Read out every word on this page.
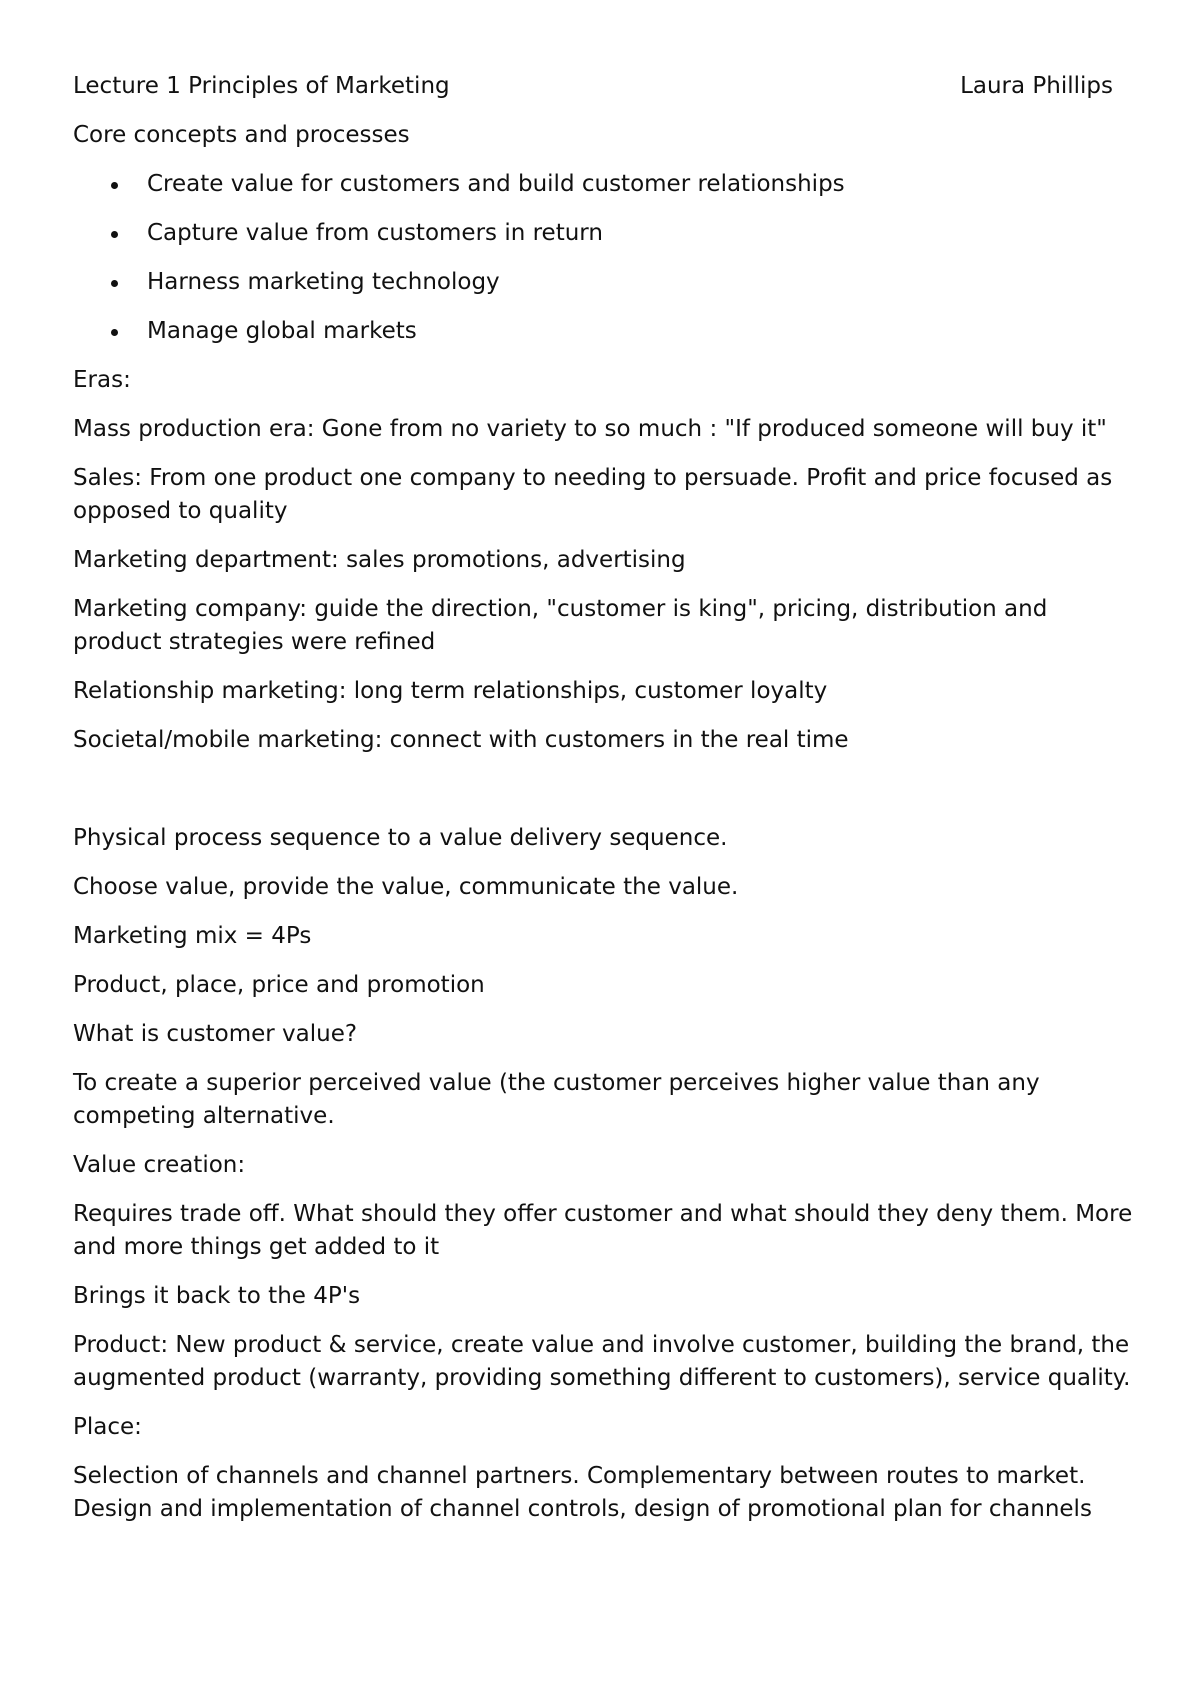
Lecture 1 Principles of Marketing	Laura Phillips

Core concepts and processes

Create value for customers and build customer relationships
Capture value from customers in return
Harness marketing technology
Manage global markets

Eras:

Mass production era: Gone from no variety to so much : "If produced someone will buy it"

Sales: From one product one company to needing to persuade. Profit and price focused as opposed to quality

Marketing department: sales promotions, advertising

Marketing company: guide the direction, "customer is king", pricing, distribution and product strategies were refined

Relationship marketing: long term relationships, customer loyalty

Societal/mobile marketing: connect with customers in the real time

Physical process sequence to a value delivery sequence.

Choose value, provide the value, communicate the value.

Marketing mix = 4Ps

Product, place, price and promotion

What is customer value?

To create a superior perceived value (the customer perceives higher value than any competing alternative.

Value creation:

Requires trade off. What should they offer customer and what should they deny them. More and more things get added to it

Brings it back to the 4P's

Product: New product & service, create value and involve customer, building the brand, the augmented product (warranty, providing something different to customers), service quality.

Place:

Selection of channels and channel partners. Complementary between routes to market. Design and implementation of channel controls, design of promotional plan for channels
